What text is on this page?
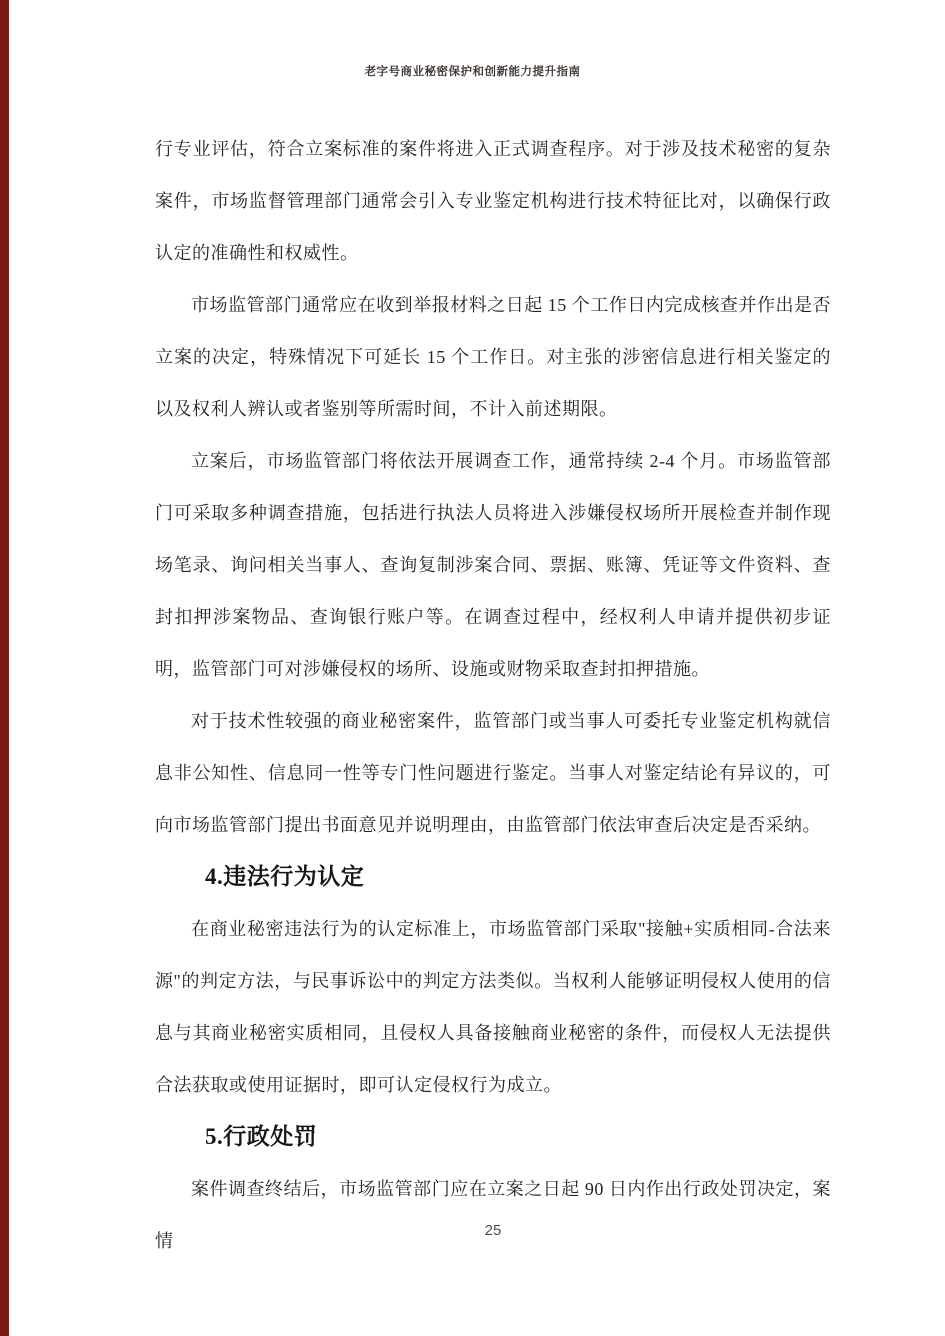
老字号商业秘密保护和创新能力提升指南

行专业评估，符合立案标准的案件将进入正式调查程序。对于涉及技术秘密的复杂案件，市场监督管理部门通常会引入专业鉴定机构进行技术特征比对，以确保行政认定的准确性和权威性。

市场监管部门通常应在收到举报材料之日起 15 个工作日内完成核查并作出是否立案的决定，特殊情况下可延长 15 个工作日。对主张的涉密信息进行相关鉴定的以及权利人辨认或者鉴别等所需时间，不计入前述期限。

立案后，市场监管部门将依法开展调查工作，通常持续 2-4 个月。市场监管部门可采取多种调查措施，包括进行执法人员将进入涉嫌侵权场所开展检查并制作现场笔录、询问相关当事人、查询复制涉案合同、票据、账簿、凭证等文件资料、查封扣押涉案物品、查询银行账户等。在调查过程中，经权利人申请并提供初步证明，监管部门可对涉嫌侵权的场所、设施或财物采取查封扣押措施。

对于技术性较强的商业秘密案件，监管部门或当事人可委托专业鉴定机构就信息非公知性、信息同一性等专门性问题进行鉴定。当事人对鉴定结论有异议的，可向市场监管部门提出书面意见并说明理由，由监管部门依法审查后决定是否采纳。

4.违法行为认定

在商业秘密违法行为的认定标准上，市场监管部门采取"接触+实质相同-合法来源"的判定方法，与民事诉讼中的判定方法类似。当权利人能够证明侵权人使用的信息与其商业秘密实质相同，且侵权人具备接触商业秘密的条件，而侵权人无法提供合法获取或使用证据时，即可认定侵权行为成立。

5.行政处罚

案件调查终结后，市场监管部门应在立案之日起 90 日内作出行政处罚决定，案情

25
